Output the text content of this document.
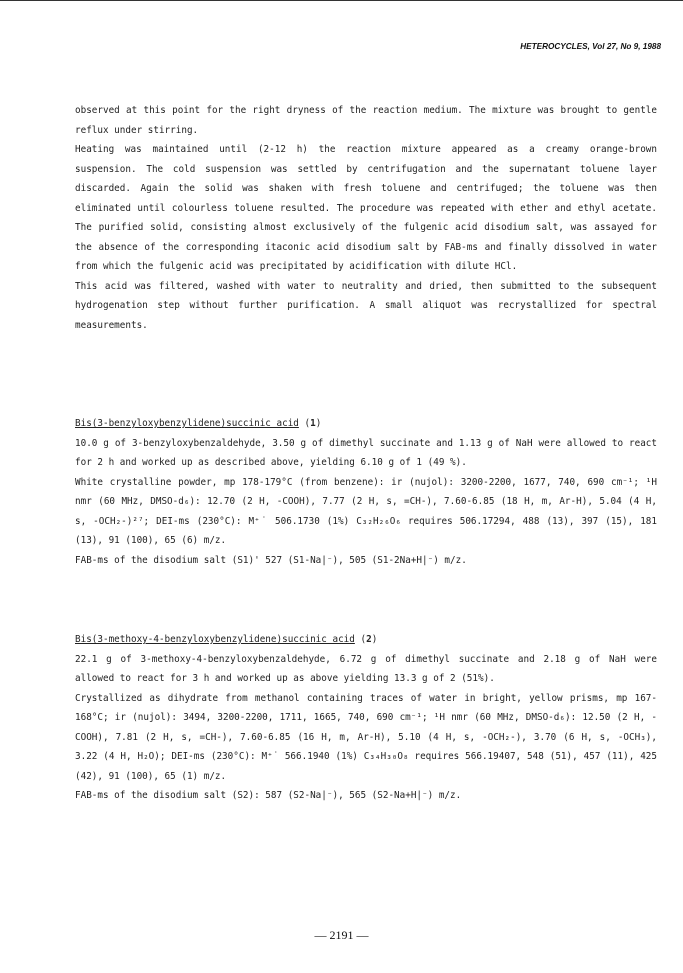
HETEROCYCLES, Vol 27, No 9, 1988

observed at this point for the right dryness of the reaction medium. The mixture was brought to gentle reflux under stirring.

Heating was maintained until (2-12 h) the reaction mixture appeared as a creamy orange-brown suspension. The cold suspension was settled by centrifugation and the supernatant toluene layer discarded. Again the solid was shaken with fresh toluene and centrifuged; the toluene was then eliminated until colourless toluene resulted. The procedure was repeated with ether and ethyl acetate. The purified solid, consisting almost exclusively of the fulgenic acid disodium salt, was assayed for the absence of the corresponding itaconic acid disodium salt by FAB-ms and finally dissolved in water from which the fulgenic acid was precipitated by acidification with dilute HCl.

This acid was filtered, washed with water to neutrality and dried, then submitted to the subsequent hydrogenation step without further purification. A small aliquot was recrystallized for spectral measurements.

Bis(3-benzyloxybenzylidene)succinic acid (1)

10.0 g of 3-benzyloxybenzaldehyde, 3.50 g of dimethyl succinate and 1.13 g of NaH were allowed to react for 2 h and worked up as described above, yielding 6.10 g of 1 (49 %).

White crystalline powder, mp 178-179°C (from benzene): ir (nujol): 3200-2200, 1677, 740, 690 cm⁻¹; ¹H nmr (60 MHz, DMSO-d₆): 12.70 (2 H, -COOH), 7.77 (2 H, s, =CH-), 7.60-6.85 (18 H, m, Ar-H), 5.04 (4 H, s, -OCH₂-)²⁷; DEI-ms (230°C): M⁺˙ 506.1730 (1%) C₃₂H₂₆O₆ requires 506.17294, 488 (13), 397 (15), 181 (13), 91 (100), 65 (6) m/z.

FAB-ms of the disodium salt (S1)' 527 (S1-Na|⁻), 505 (S1-2Na+H|⁻) m/z.

Bis(3-methoxy-4-benzyloxybenzylidene)succinic acid (2)

22.1 g of 3-methoxy-4-benzyloxybenzaldehyde, 6.72 g of dimethyl succinate and 2.18 g of NaH were allowed to react for 3 h and worked up as above yielding 13.3 g of 2 (51%).

Crystallized as dihydrate from methanol containing traces of water in bright, yellow prisms, mp 167-168°C; ir (nujol): 3494, 3200-2200, 1711, 1665, 740, 690 cm⁻¹; ¹H nmr (60 MHz, DMSO-d₆): 12.50 (2 H, -COOH), 7.81 (2 H, s, =CH-), 7.60-6.85 (16 H, m, Ar-H), 5.10 (4 H, s, -OCH₂-), 3.70 (6 H, s, -OCH₃), 3.22 (4 H, H₂O); DEI-ms (230°C): M⁺˙ 566.1940 (1%) C₃₄H₃₀O₈ requires 566.19407, 548 (51), 457 (11), 425 (42), 91 (100), 65 (1) m/z.

FAB-ms of the disodium salt (S2): 587 (S2-Na|⁻), 565 (S2-Na+H|⁻) m/z.

— 2191 —
